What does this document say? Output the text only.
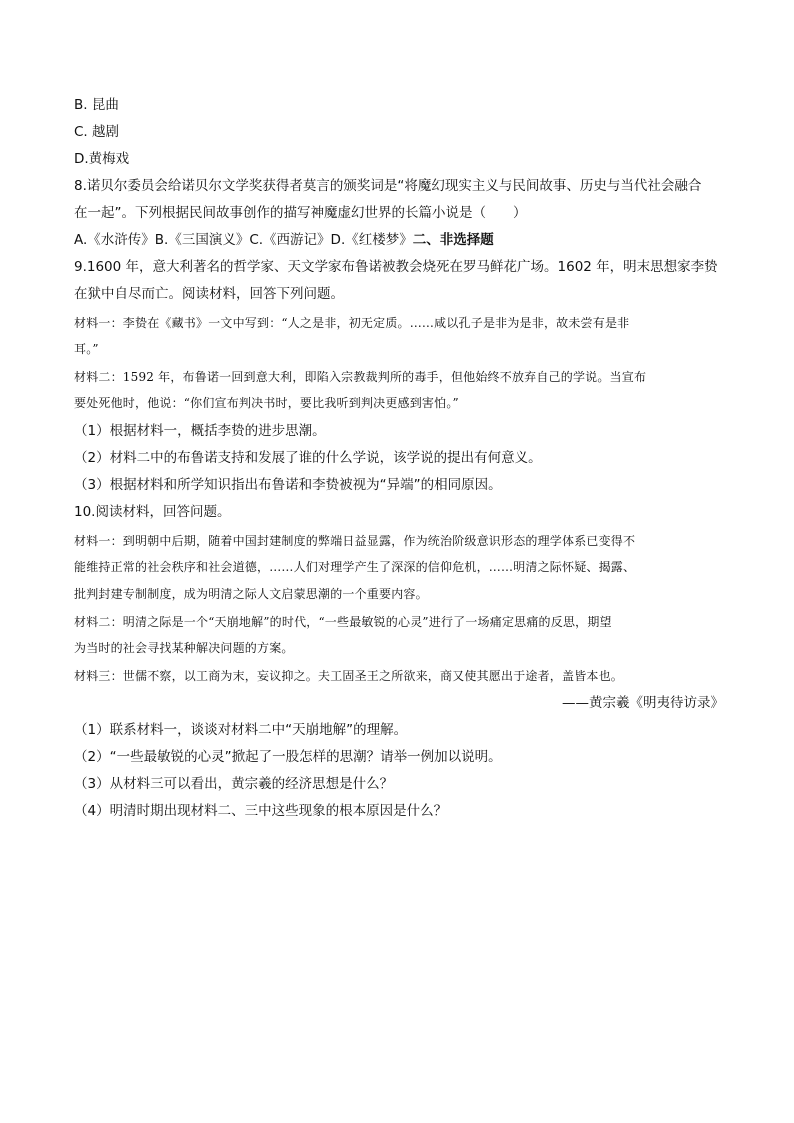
B. 昆曲
C. 越剧
D.黄梅戏
8.诺贝尔委员会给诺贝尔文学奖获得者莫言的颁奖词是“将魔幻现实主义与民间故事、历史与当代社会融合
在一起”。下列根据民间故事创作的描写神魔虚幻世界的长篇小说是（　　）
A.《水浒传》B.《三国演义》C.《西游记》D.《红楼梦》二、非选择题
9.1600 年，意大利著名的哲学家、天文学家布鲁诺被教会烧死在罗马鲜花广场。1602 年，明末思想家李贽
在狱中自尽而亡。阅读材料，回答下列问题。
材料一：李贽在《藏书》一文中写到：“人之是非，初无定质。……咸以孔子是非为是非，故未尝有是非
耳。”
材料二：1592 年，布鲁诺一回到意大利，即陷入宗教裁判所的毒手，但他始终不放弃自己的学说。当宣布
要处死他时，他说：“你们宣布判决书时，要比我听到判决更感到害怕。”
（1）根据材料一，概括李贽的进步思潮。
（2）材料二中的布鲁诺支持和发展了谁的什么学说，该学说的提出有何意义。
（3）根据材料和所学知识指出布鲁诺和李贽被视为“异端”的相同原因。
10.阅读材料，回答问题。
材料一：到明朝中后期，随着中国封建制度的弊端日益显露，作为统治阶级意识形态的理学体系已变得不
能维持正常的社会秩序和社会道德，……人们对理学产生了深深的信仰危机，……明清之际怀疑、揭露、
批判封建专制制度，成为明清之际人文启蒙思潮的一个重要内容。
材料二：明清之际是一个“天崩地解”的时代，“一些最敏锐的心灵”进行了一场痛定思痛的反思，期望
为当时的社会寻找某种解决问题的方案。
材料三：世儒不察，以工商为末，妄议抑之。夫工固圣王之所欲来，商又使其愿出于途者，盖皆本也。
——黄宗羲《明夷待访录》
（1）联系材料一，谈谈对材料二中“天崩地解”的理解。
（2）“一些最敏锐的心灵”掀起了一股怎样的思潮？请举一例加以说明。
（3）从材料三可以看出，黄宗羲的经济思想是什么？
（4）明清时期出现材料二、三中这些现象的根本原因是什么？
